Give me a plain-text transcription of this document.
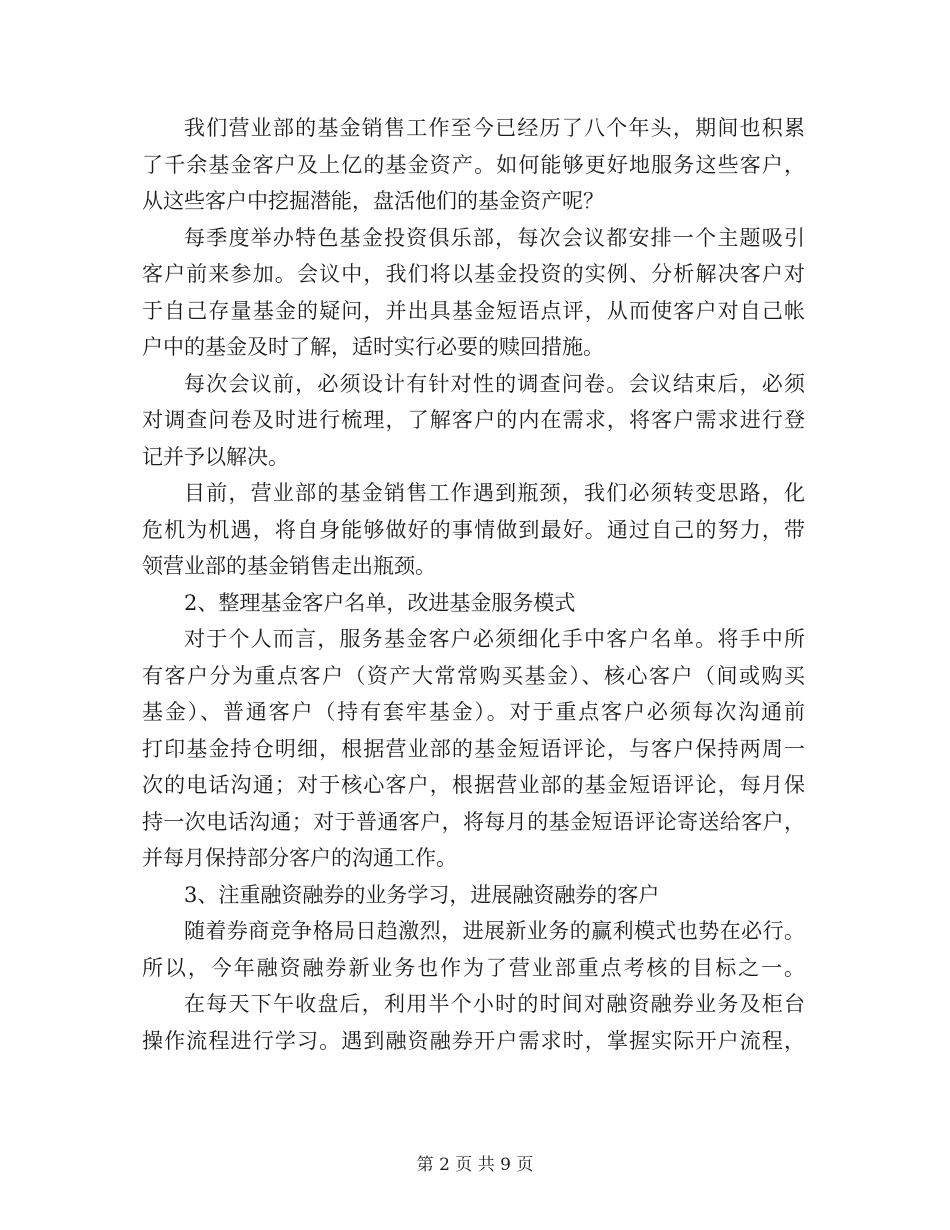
我们营业部的基金销售工作至今已经历了八个年头，期间也积累
了千余基金客户及上亿的基金资产。如何能够更好地服务这些客户，
从这些客户中挖掘潜能，盘活他们的基金资产呢？
每季度举办特色基金投资俱乐部，每次会议都安排一个主题吸引
客户前来参加。会议中，我们将以基金投资的实例、分析解决客户对
于自己存量基金的疑问，并出具基金短语点评，从而使客户对自己帐
户中的基金及时了解，适时实行必要的赎回措施。
每次会议前，必须设计有针对性的调查问卷。会议结束后，必须
对调查问卷及时进行梳理，了解客户的内在需求，将客户需求进行登
记并予以解决。
目前，营业部的基金销售工作遇到瓶颈，我们必须转变思路，化
危机为机遇，将自身能够做好的事情做到最好。通过自己的努力，带
领营业部的基金销售走出瓶颈。
2、整理基金客户名单，改进基金服务模式
对于个人而言，服务基金客户必须细化手中客户名单。将手中所
有客户分为重点客户（资产大常常购买基金）、核心客户（间或购买
基金）、普通客户（持有套牢基金）。对于重点客户必须每次沟通前
打印基金持仓明细，根据营业部的基金短语评论，与客户保持两周一
次的电话沟通；对于核心客户，根据营业部的基金短语评论，每月保
持一次电话沟通；对于普通客户，将每月的基金短语评论寄送给客户，
并每月保持部分客户的沟通工作。
3、注重融资融券的业务学习，进展融资融券的客户
随着券商竞争格局日趋激烈，进展新业务的赢利模式也势在必行。
所以，今年融资融券新业务也作为了营业部重点考核的目标之一。
在每天下午收盘后，利用半个小时的时间对融资融券业务及柜台
操作流程进行学习。遇到融资融券开户需求时，掌握实际开户流程，
第 2 页 共 9 页
